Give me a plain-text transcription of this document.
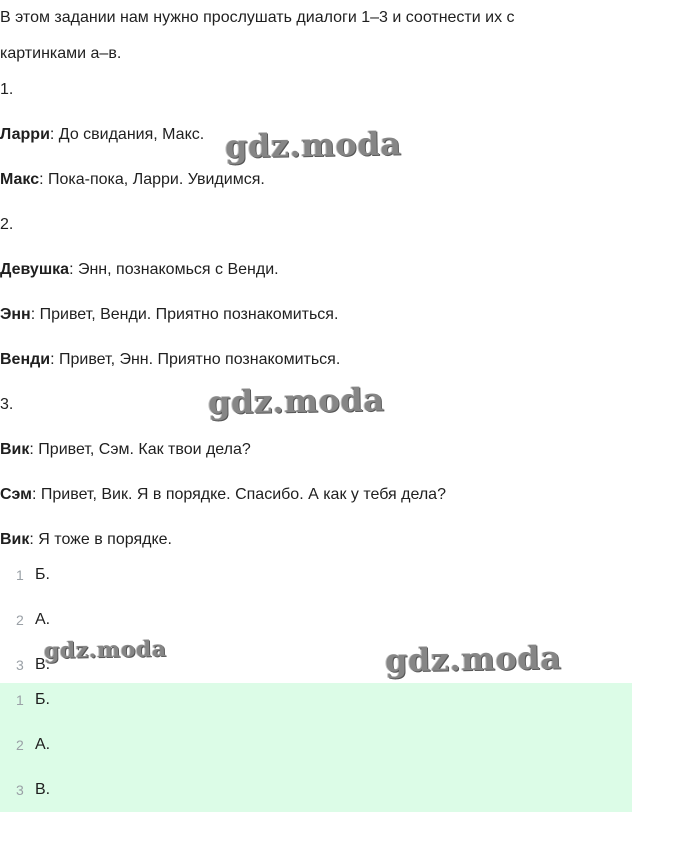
В этом задании нам нужно прослушать диалоги 1–3 и соотнести их с
картинками а–в.
1.
Ларри: До свидания, Макс.
Макс: Пока-пока, Ларри. Увидимся.
2.
Девушка: Энн, познакомься с Венди.
Энн: Привет, Венди. Приятно познакомиться.
Венди: Привет, Энн. Приятно познакомиться.
3.
Вик: Привет, Сэм. Как твои дела?
Сэм: Привет, Вик. Я в порядке. Спасибо. А как у тебя дела?
Вик: Я тоже в порядке.
1 Б.
2 А.
3 В.
1 Б.
2 А.
3 В.
gdz.moda
gdz.moda
gdz.moda	gdz.moda
